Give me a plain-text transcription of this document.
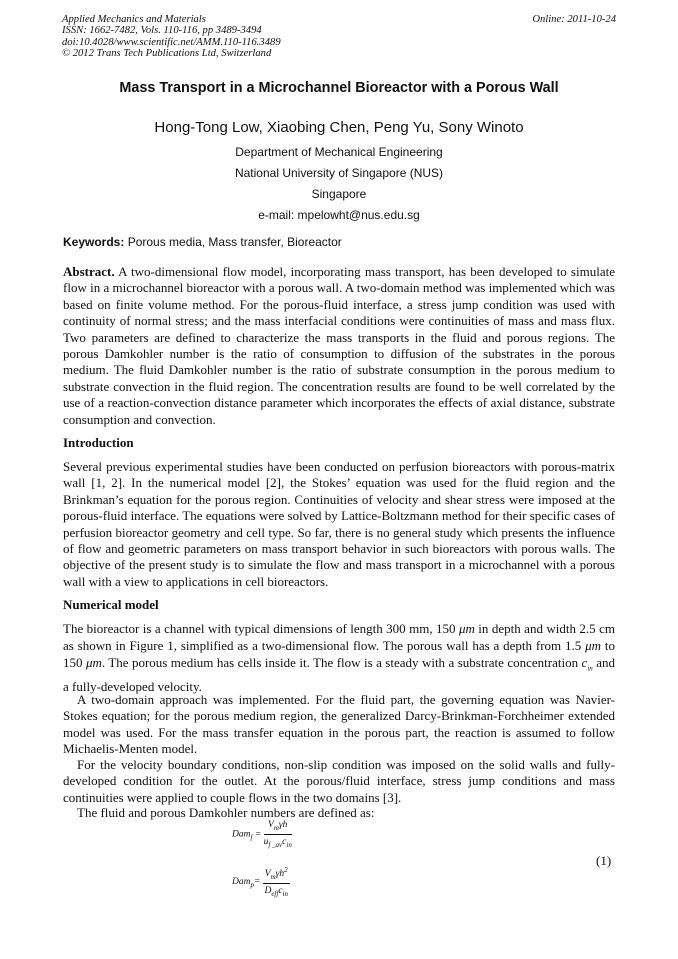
Applied Mechanics and Materials
ISSN: 1662-7482, Vols. 110-116, pp 3489-3494
doi:10.4028/www.scientific.net/AMM.110-116.3489
© 2012 Trans Tech Publications Ltd, Switzerland
Online: 2011-10-24
Mass Transport in a Microchannel Bioreactor with a Porous Wall
Hong-Tong Low, Xiaobing Chen, Peng Yu, Sony Winoto
Department of Mechanical Engineering
National University of Singapore (NUS)
Singapore
e-mail: mpelowht@nus.edu.sg
Keywords: Porous media, Mass transfer, Bioreactor
Abstract. A two-dimensional flow model, incorporating mass transport, has been developed to simulate flow in a microchannel bioreactor with a porous wall. A two-domain method was implemented which was based on finite volume method. For the porous-fluid interface, a stress jump condition was used with continuity of normal stress; and the mass interfacial conditions were continuities of mass and mass flux. Two parameters are defined to characterize the mass transports in the fluid and porous regions. The porous Damkohler number is the ratio of consumption to diffusion of the substrates in the porous medium. The fluid Damkohler number is the ratio of substrate consumption in the porous medium to substrate convection in the fluid region. The concentration results are found to be well correlated by the use of a reaction-convection distance parameter which incorporates the effects of axial distance, substrate consumption and convection.
Introduction
Several previous experimental studies have been conducted on perfusion bioreactors with porous-matrix wall [1, 2]. In the numerical model [2], the Stokes’ equation was used for the fluid region and the Brinkman’s equation for the porous region. Continuities of velocity and shear stress were imposed at the porous-fluid interface. The equations were solved by Lattice-Boltzmann method for their specific cases of perfusion bioreactor geometry and cell type. So far, there is no general study which presents the influence of flow and geometric parameters on mass transport behavior in such bioreactors with porous walls. The objective of the present study is to simulate the flow and mass transport in a microchannel with a porous wall with a view to applications in cell bioreactors.
Numerical model
The bioreactor is a channel with typical dimensions of length 300 mm, 150 μm in depth and width 2.5 cm as shown in Figure 1, simplified as a two-dimensional flow. The porous wall has a depth from 1.5 μm to 150 μm. The porous medium has cells inside it. The flow is a steady with a substrate concentration $c_{in}$ and a fully-developed velocity.
A two-domain approach was implemented. For the fluid part, the governing equation was Navier-Stokes equation; for the porous medium region, the generalized Darcy-Brinkman-Forchheimer extended model was used. For the mass transfer equation in the porous part, the reaction is assumed to follow Michaelis-Menten model.
For the velocity boundary conditions, non-slip condition was imposed on the solid walls and fully-developed condition for the outlet. At the porous/fluid interface, stress jump conditions and mass continuities were applied to couple flows in the two domains [3].
The fluid and porous Damkohler numbers are defined as:
$Dam_f = \frac{V_m\gamma h}{u_{f \_av}c_{in}}$
$Dam_p= \frac{V_m\gamma h^2}{D_{eff}c_{in}}$
(1)
